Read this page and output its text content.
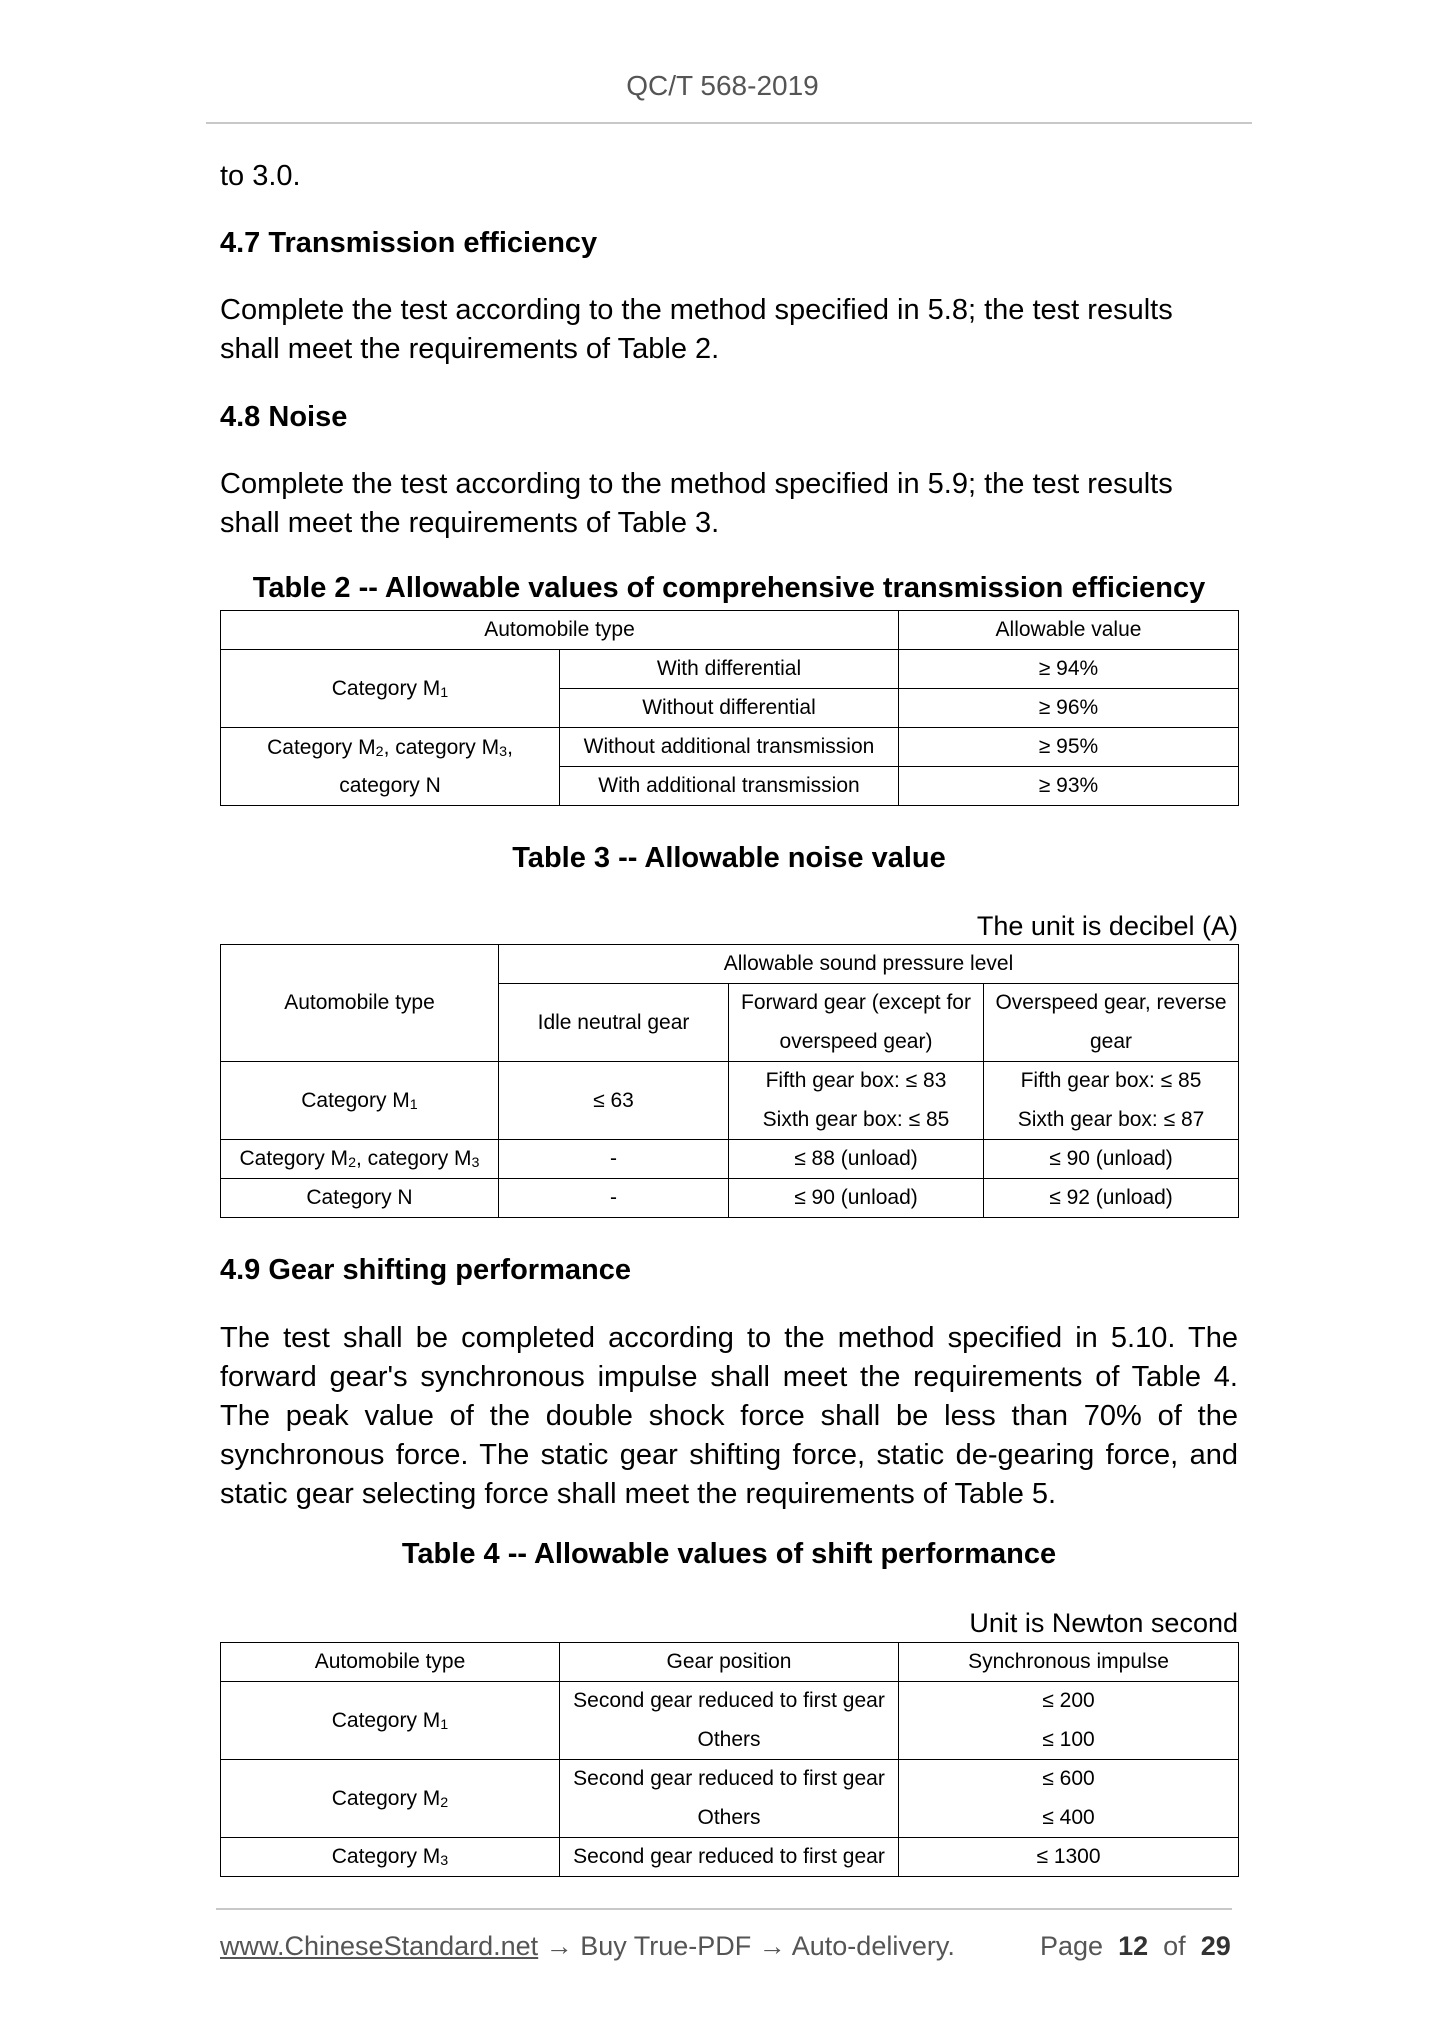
QC/T 568-2019
to 3.0.
4.7 Transmission efficiency
Complete the test according to the method specified in 5.8; the test results shall meet the requirements of Table 2.
4.8 Noise
Complete the test according to the method specified in 5.9; the test results shall meet the requirements of Table 3.
Table 2 -- Allowable values of comprehensive transmission efficiency
Automobile type		Allowable value
Category $M_1$	With differential	≥ 94%
	Without differential	≥ 96%
Category $M_2$, category $M_3$,
category N	Without additional transmission	≥ 95%
	With additional transmission	≥ 93%
Table 3 -- Allowable noise value
The unit is decibel (A)
Automobile type	Allowable sound pressure level		
	Idle neutral gear	Forward gear (except for	Overspeed gear, reverse
		overspeed gear)	gear
Category $M_1$	≤ 63	Fifth gear box: ≤ 83	Fifth gear box: ≤ 85
		Sixth gear box: ≤ 85	Sixth gear box: ≤ 87
Category $M_2$, category $M_3$	-	≤ 88 (unload)	≤ 90 (unload)
Category N	-	≤ 90 (unload)	≤ 92 (unload)
4.9 Gear shifting performance
The test shall be completed according to the method specified in 5.10. The forward gear's synchronous impulse shall meet the requirements of Table 4. The peak value of the double shock force shall be less than 70% of the synchronous force. The static gear shifting force, static de-gearing force, and static gear selecting force shall meet the requirements of Table 5.
Table 4 -- Allowable values of shift performance
Unit is Newton second
Automobile type	Gear position	Synchronous impulse
Category $M_1$	Second gear reduced to first gear	≤ 200
	Others	≤ 100
Category $M_2$	Second gear reduced to first gear	≤ 600
	Others	≤ 400
Category $M_3$	Second gear reduced to first gear	≤ 1300
www.ChineseStandard.net → Buy True-PDF → Auto-delivery.	Page 12 of 29
